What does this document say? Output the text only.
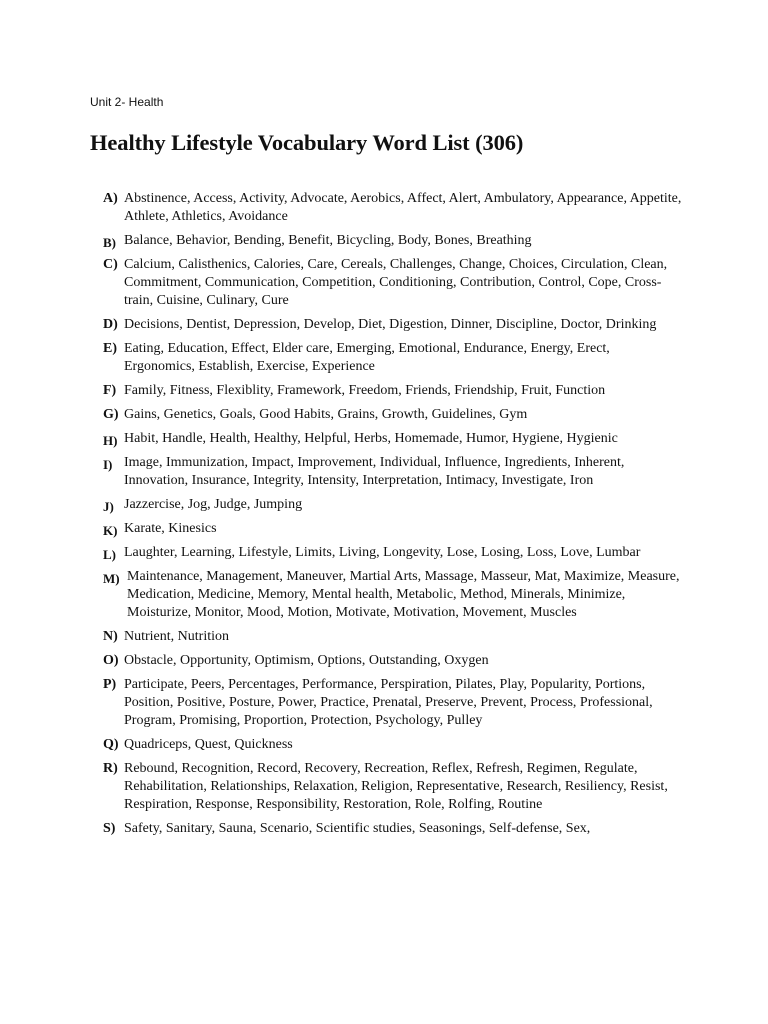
Unit 2- Health
Healthy Lifestyle Vocabulary Word List (306)
A) Abstinence, Access, Activity, Advocate, Aerobics, Affect, Alert, Ambulatory, Appearance, Appetite, Athlete, Athletics, Avoidance
B) Balance, Behavior, Bending, Benefit, Bicycling, Body, Bones, Breathing
C) Calcium, Calisthenics, Calories, Care, Cereals, Challenges, Change, Choices, Circulation, Clean, Commitment, Communication, Competition, Conditioning, Contribution, Control, Cope, Cross-train, Cuisine, Culinary, Cure
D) Decisions, Dentist, Depression, Develop, Diet, Digestion, Dinner, Discipline, Doctor, Drinking
E) Eating, Education, Effect, Elder care, Emerging, Emotional, Endurance, Energy, Erect, Ergonomics, Establish, Exercise, Experience
F) Family, Fitness, Flexiblity, Framework, Freedom, Friends, Friendship, Fruit, Function
G) Gains, Genetics, Goals, Good Habits, Grains, Growth, Guidelines, Gym
H) Habit, Handle, Health, Healthy, Helpful, Herbs, Homemade, Humor, Hygiene, Hygienic
I) Image, Immunization, Impact, Improvement, Individual, Influence, Ingredients, Inherent, Innovation, Insurance, Integrity, Intensity, Interpretation, Intimacy, Investigate, Iron
J) Jazzercise, Jog, Judge, Jumping
K) Karate, Kinesics
L) Laughter, Learning, Lifestyle, Limits, Living, Longevity, Lose, Losing, Loss, Love, Lumbar
M) Maintenance, Management, Maneuver, Martial Arts, Massage, Masseur, Mat, Maximize, Measure, Medication, Medicine, Memory, Mental health, Metabolic, Method, Minerals, Minimize, Moisturize, Monitor, Mood, Motion, Motivate, Motivation, Movement, Muscles
N) Nutrient, Nutrition
O) Obstacle, Opportunity, Optimism, Options, Outstanding, Oxygen
P) Participate, Peers, Percentages, Performance, Perspiration, Pilates, Play, Popularity, Portions, Position, Positive, Posture, Power, Practice, Prenatal, Preserve, Prevent, Process, Professional, Program, Promising, Proportion, Protection, Psychology, Pulley
Q) Quadriceps, Quest, Quickness
R) Rebound, Recognition, Record, Recovery, Recreation, Reflex, Refresh, Regimen, Regulate, Rehabilitation, Relationships, Relaxation, Religion, Representative, Research, Resiliency, Resist, Respiration, Response, Responsibility, Restoration, Role, Rolfing, Routine
S) Safety, Sanitary, Sauna, Scenario, Scientific studies, Seasonings, Self-defense, Sex,
